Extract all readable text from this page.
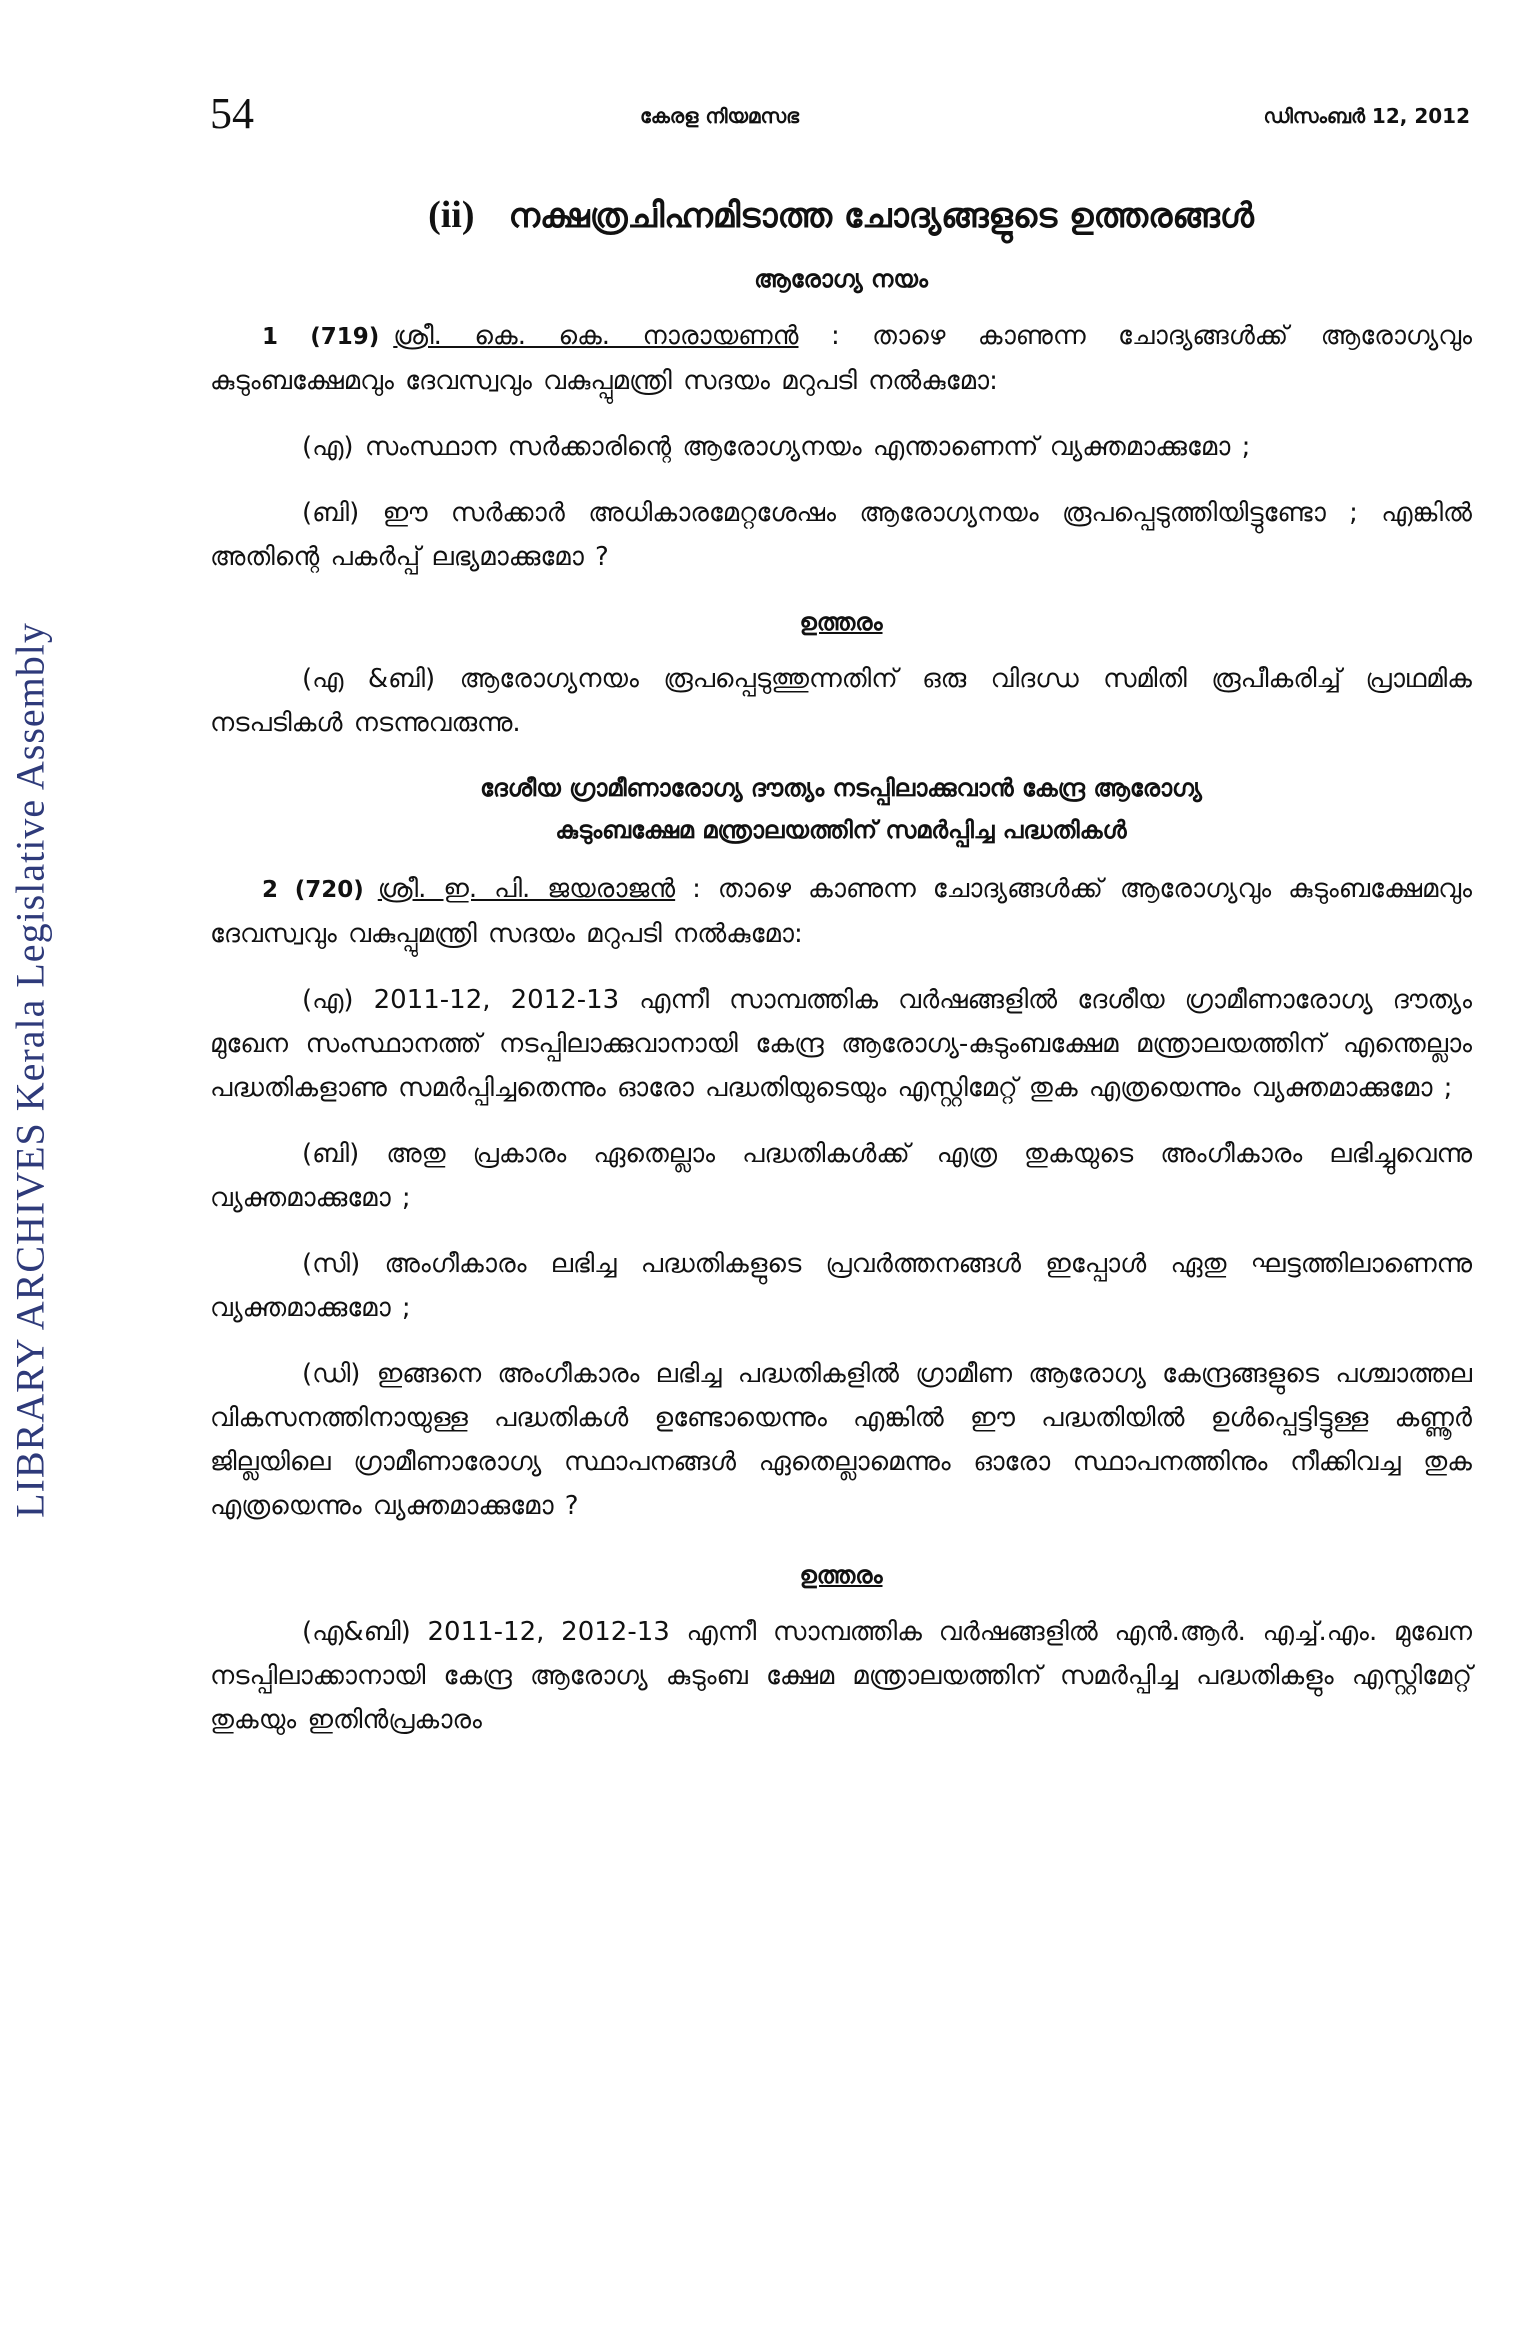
LIBRARY ARCHIVES Kerala Legislative Assembly
54	കേരള നിയമസഭ	ഡിസംബർ 12, 2012
(ii) നക്ഷത്രചിഹ്നമിടാത്ത ചോദ്യങ്ങളുടെ ഉത്തരങ്ങൾ

ആരോഗ്യ നയം

1 (719) ശ്രീ. കെ. കെ. നാരായണൻ : താഴെ കാണുന്ന ചോദ്യങ്ങൾക്ക് ആരോഗ്യവും കുടുംബക്ഷേമവും ദേവസ്വവും വകുപ്പുമന്ത്രി സദയം മറുപടി നൽകുമോ:

(എ) സംസ്ഥാന സർക്കാരിന്റെ ആരോഗ്യനയം എന്താണെന്ന് വ്യക്തമാക്കുമോ ;

(ബി) ഈ സർക്കാർ അധികാരമേറ്റശേഷം ആരോഗ്യനയം രൂപപ്പെടുത്തിയിട്ടുണ്ടോ ; എങ്കിൽ അതിന്റെ പകർപ്പ് ലഭ്യമാക്കുമോ ?

ഉത്തരം

(എ &ബി) ആരോഗ്യനയം രൂപപ്പെടുത്തുന്നതിന് ഒരു വിദഗ്ധ സമിതി രൂപീകരിച്ച് പ്രാഥമിക നടപടികൾ നടന്നുവരുന്നു.

ദേശീയ ഗ്രാമീണാരോഗ്യ ദൗത്യം നടപ്പിലാക്കുവാൻ കേന്ദ്ര ആരോഗ്യ

കുടുംബക്ഷേമ മന്ത്രാലയത്തിന് സമർപ്പിച്ച പദ്ധതികൾ

2 (720) ശ്രീ. ഇ. പി. ജയരാജൻ : താഴെ കാണുന്ന ചോദ്യങ്ങൾക്ക് ആരോഗ്യവും കുടുംബക്ഷേമവും ദേവസ്വവും വകുപ്പുമന്ത്രി സദയം മറുപടി നൽകുമോ:

(എ) 2011-12, 2012-13 എന്നീ സാമ്പത്തിക വർഷങ്ങളിൽ ദേശീയ ഗ്രാമീണാരോഗ്യ ദൗത്യം മുഖേന സംസ്ഥാനത്ത് നടപ്പിലാക്കുവാനായി കേന്ദ്ര ആരോഗ്യ-കുടുംബക്ഷേമ മന്ത്രാലയത്തിന് എന്തെല്ലാം പദ്ധതികളാണു സമർപ്പിച്ചതെന്നും ഓരോ പദ്ധതിയുടെയും എസ്റ്റിമേറ്റ് തുക എത്രയെന്നും വ്യക്തമാക്കുമോ ;

(ബി) അതു പ്രകാരം ഏതെല്ലാം പദ്ധതികൾക്ക് എത്ര തുകയുടെ അംഗീകാരം ലഭിച്ചുവെന്നു വ്യക്തമാക്കുമോ ;

(സി) അംഗീകാരം ലഭിച്ച പദ്ധതികളുടെ പ്രവർത്തനങ്ങൾ ഇപ്പോൾ ഏതു ഘട്ടത്തിലാണെന്നു വ്യക്തമാക്കുമോ ;

(ഡി) ഇങ്ങനെ അംഗീകാരം ലഭിച്ച പദ്ധതികളിൽ ഗ്രാമീണ ആരോഗ്യ കേന്ദ്രങ്ങളുടെ പശ്ചാത്തല വികസനത്തിനായുള്ള പദ്ധതികൾ ഉണ്ടോയെന്നും എങ്കിൽ ഈ പദ്ധതിയിൽ ഉൾപ്പെട്ടിട്ടുള്ള കണ്ണൂർ ജില്ലയിലെ ഗ്രാമീണാരോഗ്യ സ്ഥാപനങ്ങൾ ഏതെല്ലാമെന്നും ഓരോ സ്ഥാപനത്തിനും നീക്കിവച്ച തുക എത്രയെന്നും വ്യക്തമാക്കുമോ ?

ഉത്തരം

(എ&ബി) 2011-12, 2012-13 എന്നീ സാമ്പത്തിക വർഷങ്ങളിൽ എൻ.ആർ. എച്ച്.എം. മുഖേന നടപ്പിലാക്കാനായി കേന്ദ്ര ആരോഗ്യ കുടുംബ ക്ഷേമ മന്ത്രാലയത്തിന് സമർപ്പിച്ച പദ്ധതികളും എസ്റ്റിമേറ്റ് തുകയും ഇതിൻപ്രകാരം
